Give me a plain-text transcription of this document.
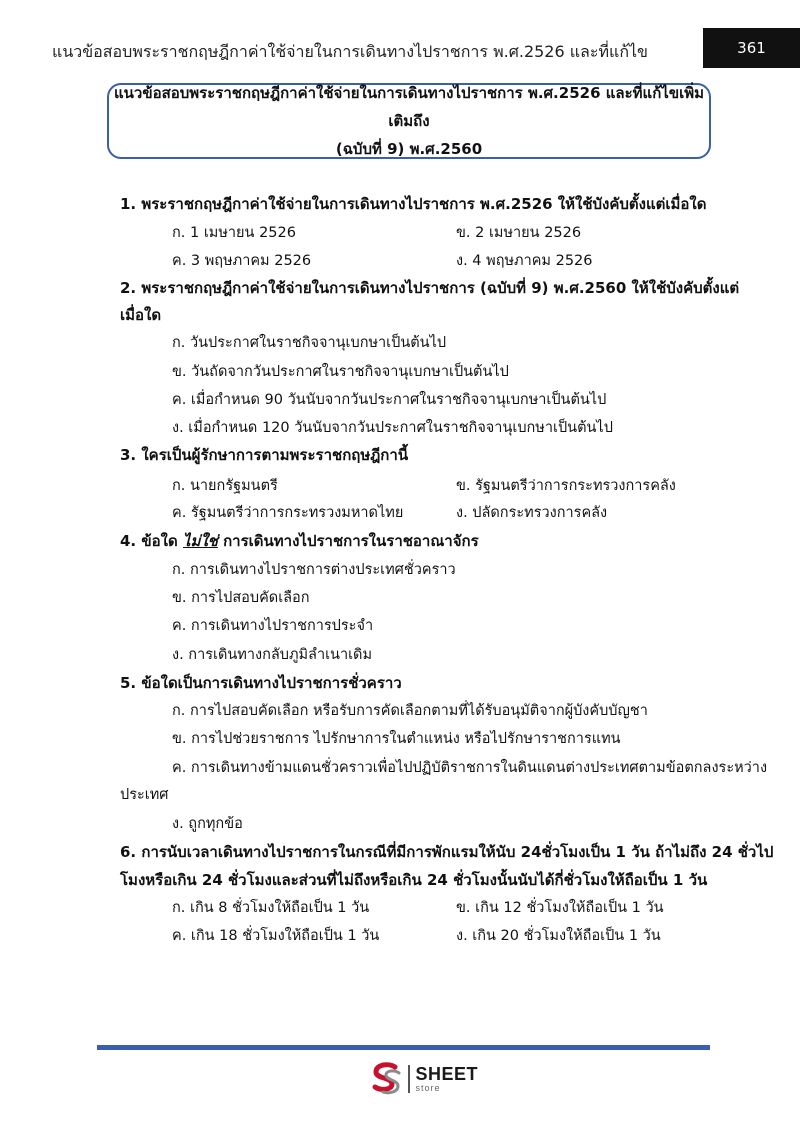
แนวข้อสอบพระราชกฤษฎีกาค่าใช้จ่ายในการเดินทางไปราชการ พ.ศ.2526 และที่แก้ไข	361
แนวข้อสอบพระราชกฤษฎีกาค่าใช้จ่ายในการเดินทางไปราชการ พ.ศ.2526 และที่แก้ไขเพิ่มเติมถึง
(ฉบับที่ 9) พ.ศ.2560
1. พระราชกฤษฎีกาค่าใช้จ่ายในการเดินทางไปราชการ พ.ศ.2526 ให้ใช้บังคับตั้งแต่เมื่อใด
ก. 1 เมษายน 2526	ข. 2 เมษายน 2526
ค. 3 พฤษภาคม 2526	ง. 4 พฤษภาคม 2526
2. พระราชกฤษฎีกาค่าใช้จ่ายในการเดินทางไปราชการ (ฉบับที่ 9) พ.ศ.2560 ให้ใช้บังคับตั้งแต่
เมื่อใด
ก. วันประกาศในราชกิจจานุเบกษาเป็นต้นไป
ข. วันถัดจากวันประกาศในราชกิจจานุเบกษาเป็นต้นไป
ค. เมื่อกำหนด 90 วันนับจากวันประกาศในราชกิจจานุเบกษาเป็นต้นไป
ง. เมื่อกำหนด 120 วันนับจากวันประกาศในราชกิจจานุเบกษาเป็นต้นไป
3. ใครเป็นผู้รักษาการตามพระราชกฤษฎีกานี้
ก. นายกรัฐมนตรี	ข. รัฐมนตรีว่าการกระทรวงการคลัง
ค. รัฐมนตรีว่าการกระทรวงมหาดไทย	ง. ปลัดกระทรวงการคลัง
4. ข้อใด ไม่ใช่ การเดินทางไปราชการในราชอาณาจักร
ก. การเดินทางไปราชการต่างประเทศชั่วคราว
ข. การไปสอบคัดเลือก
ค. การเดินทางไปราชการประจำ
ง. การเดินทางกลับภูมิลำเนาเดิม
5. ข้อใดเป็นการเดินทางไปราชการชั่วคราว
ก. การไปสอบคัดเลือก หรือรับการคัดเลือกตามที่ได้รับอนุมัติจากผู้บังคับบัญชา
ข. การไปช่วยราชการ ไปรักษาการในตำแหน่ง หรือไปรักษาราชการแทน
ค. การเดินทางข้ามแดนชั่วคราวเพื่อไปปฏิบัติราชการในดินแดนต่างประเทศตามข้อตกลงระหว่าง
ประเทศ
ง. ถูกทุกข้อ
6. การนับเวลาเดินทางไปราชการในกรณีที่มีการพักแรมให้นับ 24ชั่วโมงเป็น 1 วัน ถ้าไม่ถึง 24 ชั่วไป
โมงหรือเกิน 24 ชั่วโมงและส่วนที่ไม่ถึงหรือเกิน 24 ชั่วโมงนั้นนับได้กี่ชั่วโมงให้ถือเป็น 1 วัน
ก. เกิน 8 ชั่วโมงให้ถือเป็น 1 วัน	ข. เกิน 12 ชั่วโมงให้ถือเป็น 1 วัน
ค. เกิน 18 ชั่วโมงให้ถือเป็น 1 วัน	ง. เกิน 20 ชั่วโมงให้ถือเป็น 1 วัน
SHEET
store
